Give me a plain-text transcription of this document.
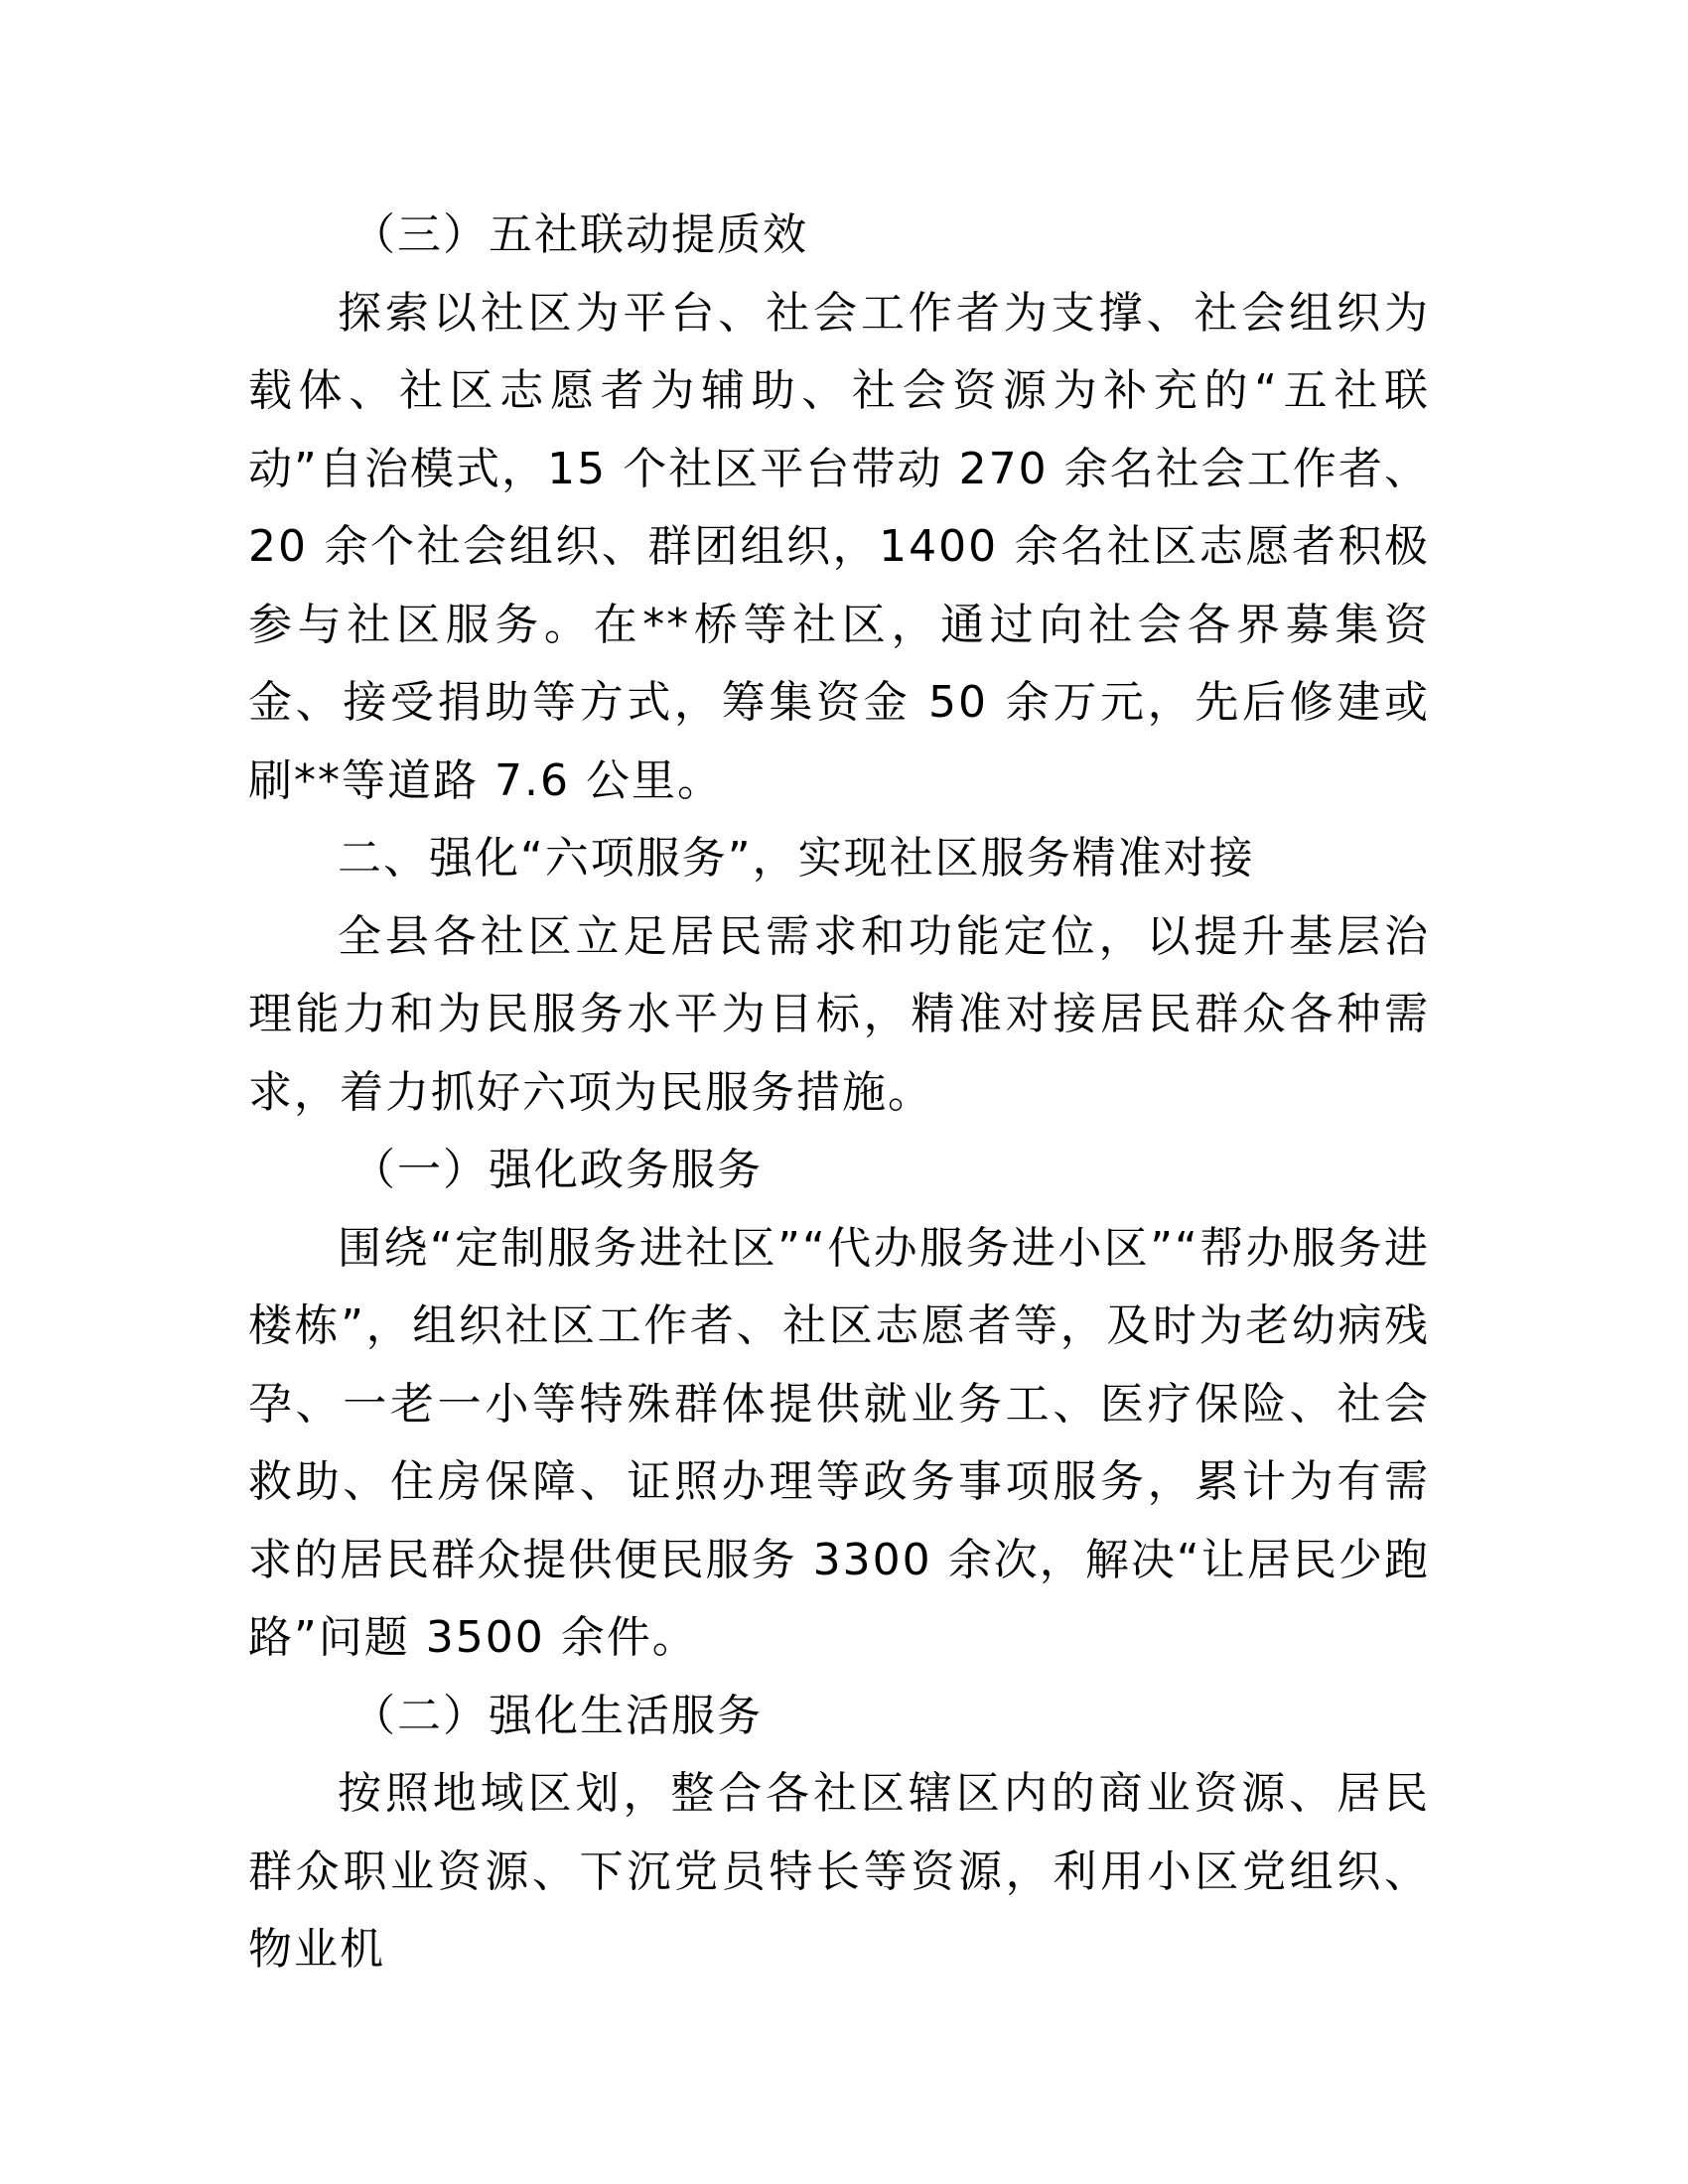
（三）五社联动提质效

探索以社区为平台、社会工作者为支撑、社会组织为载体、社区志愿者为辅助、社会资源为补充的“五社联动”自治模式，15 个社区平台带动 270 余名社会工作者、20 余个社会组织、群团组织，1400 余名社区志愿者积极参与社区服务。在**桥等社区，通过向社会各界募集资金、接受捐助等方式，筹集资金 50 余万元，先后修建或刷**等道路 7.6 公里。

二、强化“六项服务”，实现社区服务精准对接

全县各社区立足居民需求和功能定位，以提升基层治理能力和为民服务水平为目标，精准对接居民群众各种需求，着力抓好六项为民服务措施。

（一）强化政务服务

围绕“定制服务进社区”“代办服务进小区”“帮办服务进楼栋”，组织社区工作者、社区志愿者等，及时为老幼病残孕、一老一小等特殊群体提供就业务工、医疗保险、社会救助、住房保障、证照办理等政务事项服务，累计为有需求的居民群众提供便民服务 3300 余次，解决“让居民少跑路”问题 3500 余件。

（二）强化生活服务

按照地域区划，整合各社区辖区内的商业资源、居民群众职业资源、下沉党员特长等资源，利用小区党组织、物业机
